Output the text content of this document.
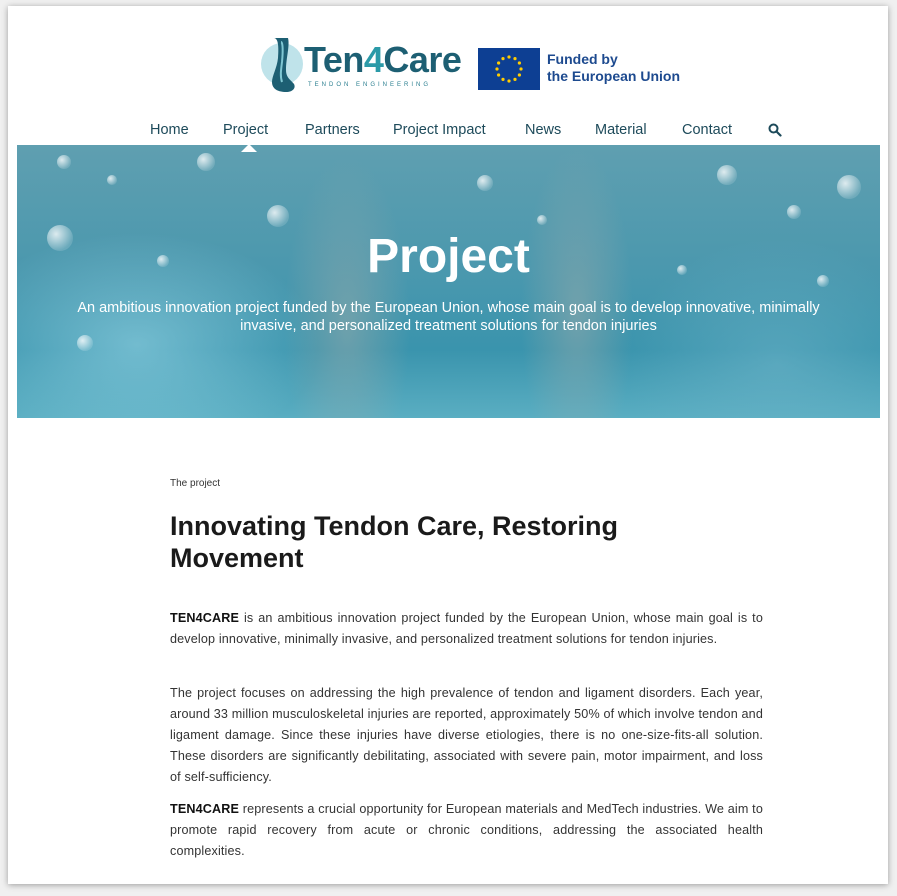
Ten4Care
TENDON ENGINEERING
Funded by
the European Union
Home Project	Partners Project Impact	News Material Contact
Project
An ambitious innovation project funded by the European Union, whose main goal is to develop innovative, minimally
invasive, and personalized treatment solutions for tendon injuries
The project
Innovating Tendon Care, Restoring Movement
TEN4CARE is an ambitious innovation project funded by the European Union, whose main goal is to develop innovative, minimally invasive, and personalized treatment solutions for tendon injuries.
The project focuses on addressing the high prevalence of tendon and ligament disorders. Each year, around 33 million musculoskeletal injuries are reported, approximately 50% of which involve tendon and ligament damage. Since these injuries have diverse etiologies, there is no one-size-fits-all solution. These disorders are significantly debilitating, associated with severe pain, motor impairment, and loss of self-sufficiency.
TEN4CARE represents a crucial opportunity for European materials and MedTech industries. We aim to promote rapid recovery from acute or chronic conditions, addressing the associated health complexities.
